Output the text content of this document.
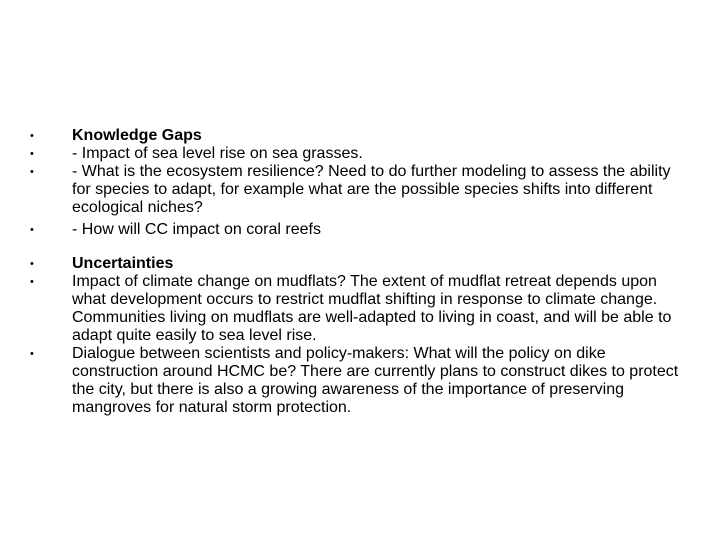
•	Knowledge Gaps
•	- Impact of sea level rise on sea grasses.
•	- What is the ecosystem resilience? Need to do further modeling to assess the ability for species to adapt, for example what are the possible species shifts into different ecological niches?
•	- How will CC impact on coral reefs
•	Uncertainties
•	Impact of climate change on mudflats? The extent of mudflat retreat depends upon what development occurs to restrict mudflat shifting in response to climate change. Communities living on mudflats are well-adapted to living in coast, and will be able to adapt quite easily to sea level rise.
•	Dialogue between scientists and policy-makers: What will the policy on dike construction around HCMC be? There are currently plans to construct dikes to protect the city, but there is also a growing awareness of the importance of preserving mangroves for natural storm protection.
